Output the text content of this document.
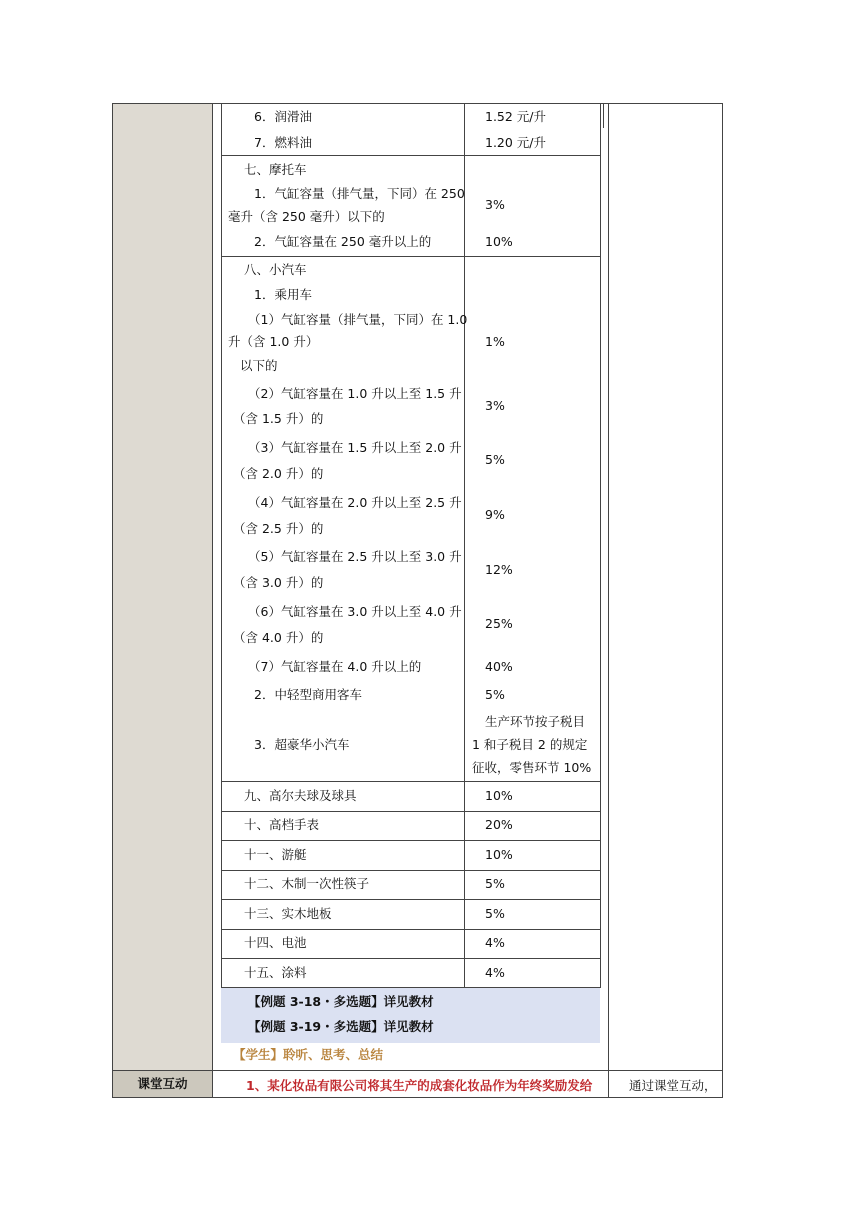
6．润滑油
7．燃料油
七、摩托车
1．气缸容量（排气量，下同）在 250
毫升（含 250 毫升）以下的
2．气缸容量在 250 毫升以上的
八、小汽车
1．乘用车
（1）气缸容量（排气量，下同）在 1.0
升（含 1.0 升）
以下的
（2）气缸容量在 1.0 升以上至 1.5 升
（含 1.5 升）的
（3）气缸容量在 1.5 升以上至 2.0 升
（含 2.0 升）的
（4）气缸容量在 2.0 升以上至 2.5 升
（含 2.5 升）的
（5）气缸容量在 2.5 升以上至 3.0 升
（含 3.0 升）的
（6）气缸容量在 3.0 升以上至 4.0 升
（含 4.0 升）的
（7）气缸容量在 4.0 升以上的
2．中轻型商用客车
3．超豪华小汽车
九、高尔夫球及球具
十、高档手表
十一、游艇
十二、木制一次性筷子
十三、实木地板
十四、电池
十五、涂料
1.52 元/升
1.20 元/升
3%
10%
1%
3%
5%
9%
12%
25%
40%
5%
生产环节按子税目
1 和子税目 2 的规定
征收，零售环节 10%
10%
20%
10%
5%
5%
4%
4%
【例题 3-18・多选题】详见教材
【例题 3-19・多选题】详见教材
【学生】聆听、思考、总结
课堂互动	1、某化妆品有限公司将其生产的成套化妆品作为年终奖励发给	通过课堂互动，
